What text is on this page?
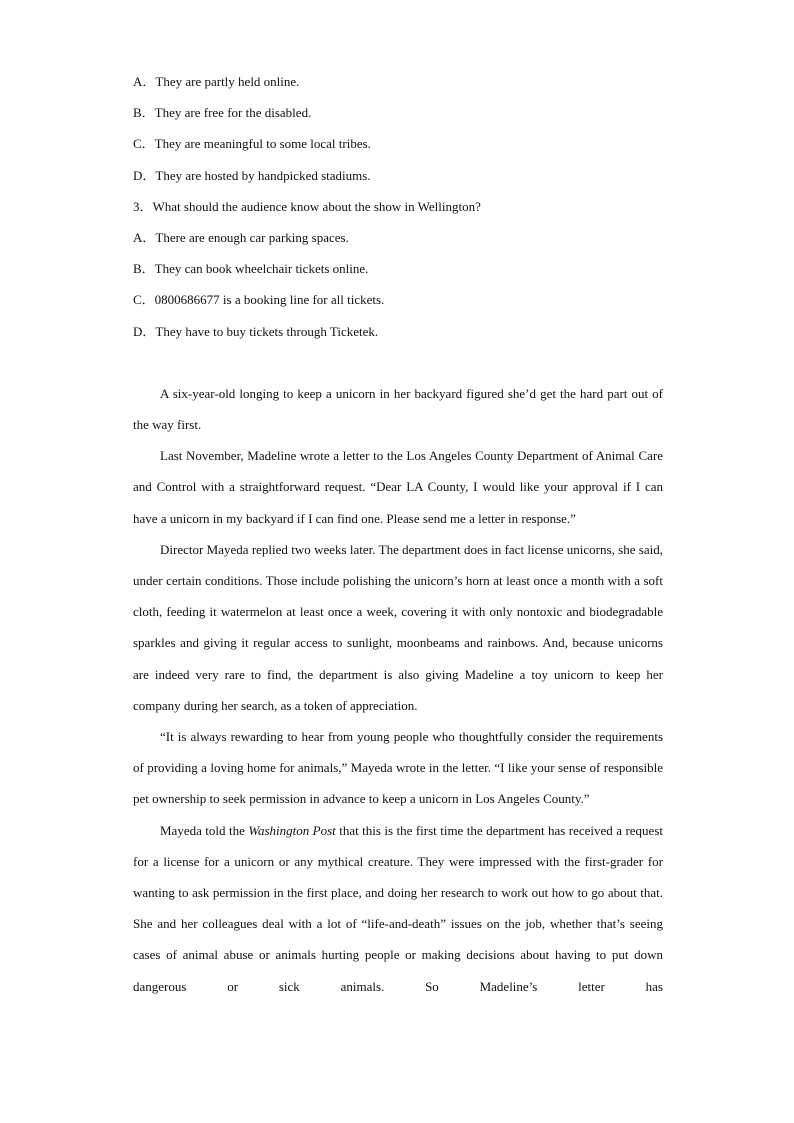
A．They are partly held online.

B．They are free for the disabled.

C．They are meaningful to some local tribes.

D．They are hosted by handpicked stadiums.

3．What should the audience know about the show in Wellington?

A．There are enough car parking spaces.

B．They can book wheelchair tickets online.

C．0800686677 is a booking line for all tickets.

D．They have to buy tickets through Ticketek.

A six-year-old longing to keep a unicorn in her backyard figured she’d get the hard part out of the way first.

Last November, Madeline wrote a letter to the Los Angeles County Department of Animal Care and Control with a straightforward request. “Dear LA County, I would like your approval if I can have a unicorn in my backyard if I can find one. Please send me a letter in response.”

Director Mayeda replied two weeks later. The department does in fact license unicorns, she said, under certain conditions. Those include polishing the unicorn’s horn at least once a month with a soft cloth, feeding it watermelon at least once a week, covering it with only nontoxic and biodegradable sparkles and giving it regular access to sunlight, moonbeams and rainbows. And, because unicorns are indeed very rare to find, the department is also giving Madeline a toy unicorn to keep her company during her search, as a token of appreciation.

“It is always rewarding to hear from young people who thoughtfully consider the requirements of providing a loving home for animals,” Mayeda wrote in the letter. “I like your sense of responsible pet ownership to seek permission in advance to keep a unicorn in Los Angeles County.”

Mayeda told the Washington Post that this is the first time the department has received a request for a license for a unicorn or any mythical creature. They were impressed with the first-grader for wanting to ask permission in the first place, and doing her research to work out how to go about that. She and her colleagues deal with a lot of “life-and-death” issues on the job, whether that’s seeing cases of animal abuse or animals hurting people or making decisions about having to put down dangerous or sick animals. So Madeline’s letter has
